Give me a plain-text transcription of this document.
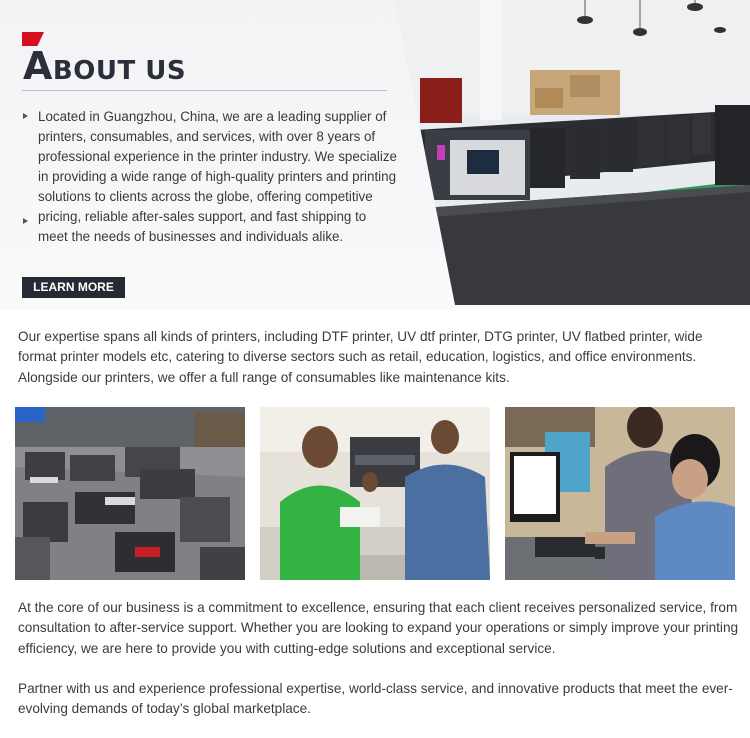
ABOUT US
Located in Guangzhou, China, we are a leading supplier of printers, consumables, and services, with over 8 years of professional experience in the printer industry. We specialize in providing a wide range of high-quality printers and printing solutions to clients across the globe, offering competitive pricing, reliable after-sales support, and fast shipping to meet the needs of businesses and individuals alike.
LEARN MORE
Our expertise spans all kinds of printers, including DTF printer, UV dtf printer, DTG printer, UV flatbed printer, wide format printer models etc, catering to diverse sectors such as retail, education, logistics, and office environments. Alongside our printers, we offer a full range of consumables like maintenance kits.
At the core of our business is a commitment to excellence, ensuring that each client receives personalized service, from consultation to after-service support. Whether you are looking to expand your operations or simply improve your printing efficiency, we are here to provide you with cutting-edge solutions and exceptional service.
Partner with us and experience professional expertise, world-class service, and innovative products that meet the ever-evolving demands of today’s global marketplace.
